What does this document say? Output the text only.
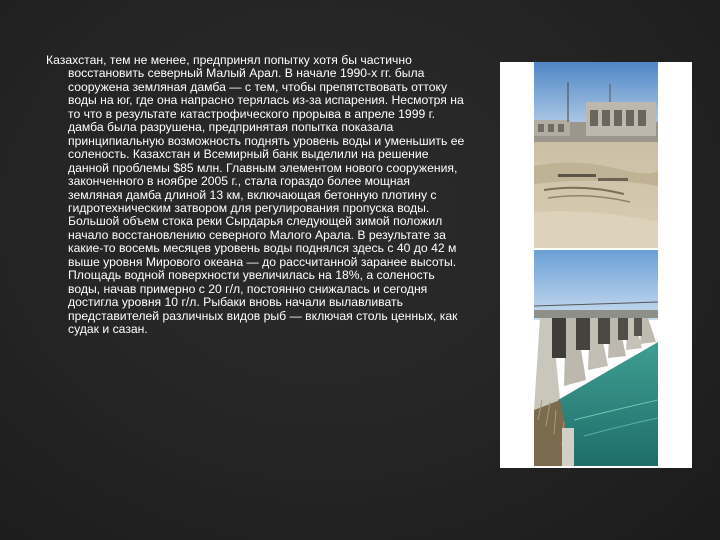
Казахстан, тем не менее, предпринял попытку хотя бы частично восстановить северный Малый Арал. В начале 1990-х гг. была сооружена земляная дамба — с тем, чтобы препятствовать оттоку воды на юг, где она напрасно терялась из-за испарения. Несмотря на то что в результате катастрофического прорыва в апреле 1999 г. дамба была разрушена, предпринятая попытка показала принципиальную возможность поднять уровень воды и уменьшить ее соленость. Казахстан и Всемирный банк выделили на решение данной проблемы $85 млн. Главным элементом нового сооружения, законченного в ноябре 2005 г., стала гораздо более мощная земляная дамба длиной 13 км, включающая бетонную плотину с гидротехническим затвором для регулирования пропуска воды. Большой объем стока реки Сырдарья следующей зимой положил начало восстановлению северного Малого Арала. В результате за какие-то восемь месяцев уровень воды поднялся здесь с 40 до 42 м выше уровня Мирового океана — до рассчитанной заранее высоты. Площадь водной поверхности увеличилась на 18%, а соленость воды, начав примерно с 20 г/л, постоянно снижалась и сегодня достигла уровня 10 г/л. Рыбаки вновь начали вылавливать представителей различных видов рыб — включая столь ценных, как судак и сазан.
